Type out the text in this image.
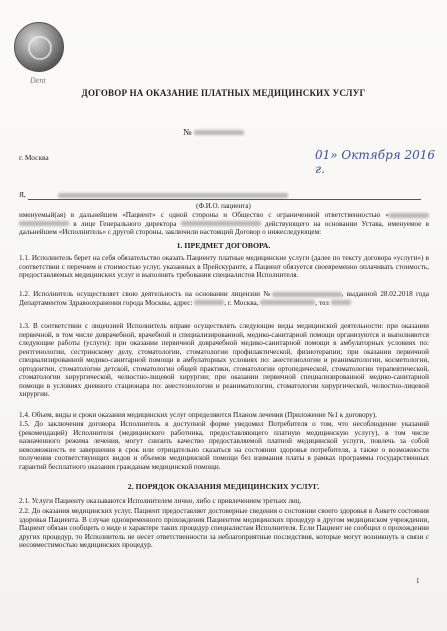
Dent
ДОГОВОР НА ОКАЗАНИЕ ПЛАТНЫХ МЕДИЦИНСКИХ УСЛУГ
№
г. Москва	01» Октября 2016 г.
Я,
(Ф.И.О. пациента)

именуемый(ая) в дальнейшем «Пациент» с одной стороны и Общество с ограниченной ответственностью «  в лице Генерального директора	действующего на основании Устава, именуемое в дальнейшем «Исполнитель» с другой стороны, заключили настоящий Договор о нижеследующем:

1. ПРЕДМЕТ ДОГОВОРА.

1.1. Исполнитель берет на себя обязательство оказать Пациенту платные медицинские услуги (далее по тексту договора «услуги») в соответствии с перечнем и стоимостью услуг, указанных в Прейскуранте, а Пациент обязуется своевременно оплачивать стоимость, предоставляемых медицинских услуг и выполнять требования специалистов Исполнителя.

1.2. Исполнитель осуществляет свою деятельность на основании лицензии №	, выданной 28.02.2018 года Департаментом Здравоохранения города Москвы, адрес:	, г. Москва,	, тел

1.3. В соответствии с лицензией Исполнитель вправе осуществлять следующие виды медицинской деятельности: при оказании первичной, в том числе доврачебной, врачебной и специализированной, медико-санитарной помощи организуются и выполняются следующие работы (услуги): при оказании первичной доврачебной медико-санитарной помощи в амбулаторных условиях по: рентгенологии, сестринскому делу, стоматологии, стоматологии профилактической, физиотерапии; при оказании первичной специализированной медико-санитарной помощи в амбулаторных условиях по: анестезиологии и реаниматологии, косметологии, ортодонтии, стоматологии детской, стоматологии общей практики, стоматологии ортопедической, стоматологии терапевтической, стоматологии хирургической, челюстно-лицевой хирургии; при оказании первичной специализированной медико-санитарной помощи в условиях дневного стационара по: анестезиологии и реаниматологии, стоматологии хирургической, челюстно-лицевой хирургии.

1.4. Объем, виды и сроки оказания медицинских услуг определяются Планом лечения (Приложение №1 к договору).

1.5. До заключения договора Исполнитель в доступной форме уведомил Потребителя о том, что несоблюдение указаний (рекомендаций) Исполнителя (медицинского работника, предоставляющего платную медицинскую услугу), в том числе назначенного режима лечения, могут снизить качество предоставляемой платной медицинской услуги, повлечь за собой невозможность ее завершения в срок или отрицательно сказаться на состоянии здоровья потребителя, а также о возможности получения соответствующих видов и объемов медицинской помощи без взимания платы в рамках программы государственных гарантий бесплатного оказания гражданам медицинской помощи.

2. ПОРЯДОК ОКАЗАНИЯ МЕДИЦИНСКИХ УСЛУГ.

2.1. Услуги Пациенту оказываются Исполнителем лично, либо с привлечением третьих лиц.

2.2. До оказания медицинских услуг, Пациент предоставляет достоверные сведения о состоянии своего здоровья в Анкете состояния здоровья Пациента. В случае одновременного прохождения Пациентом медицинских процедур в другом медицинском учреждении, Пациент обязан сообщить о виде и характере таких процедур специалистам Исполнителя. Если Пациент не сообщил о прохождении других процедур, то Исполнитель не несет ответственности за неблагоприятные последствия, которые могут возникнуть в связи с несовместимостью медицинских процедур.

1
